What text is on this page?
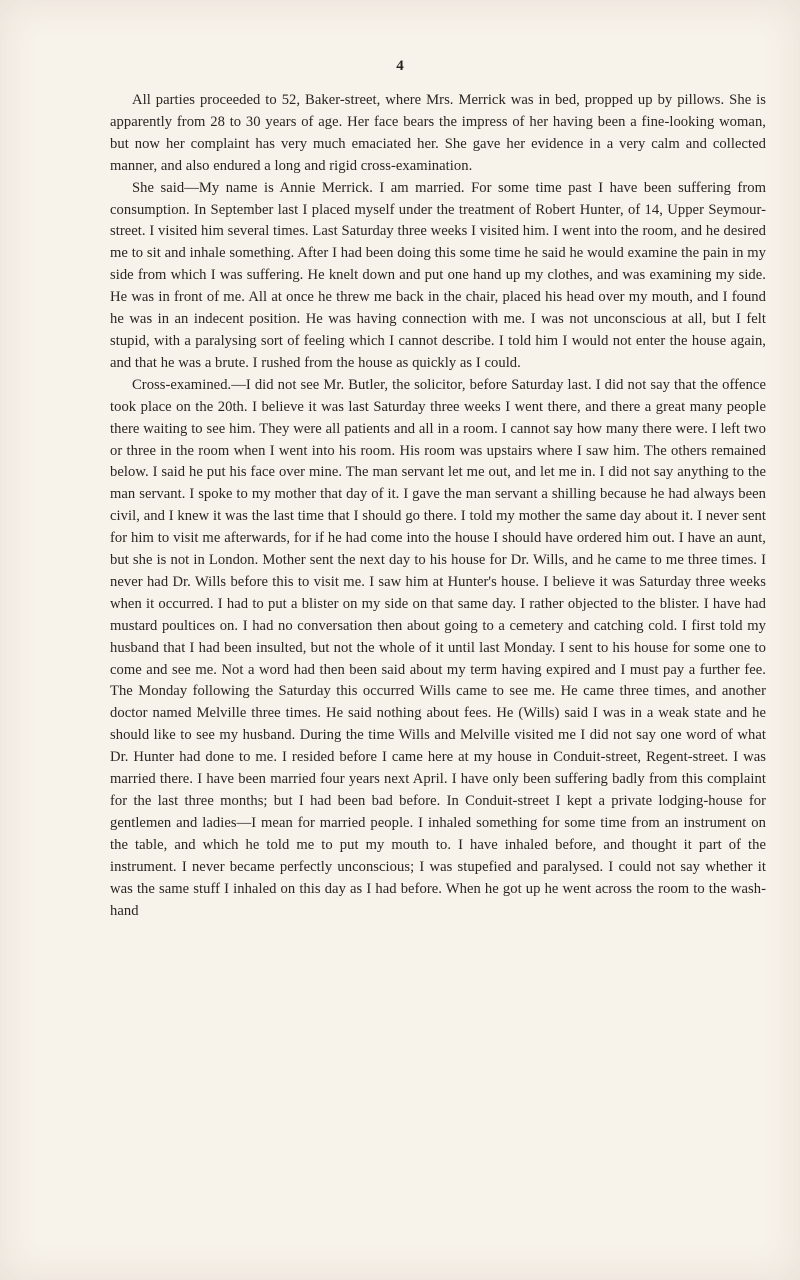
4

All parties proceeded to 52, Baker-street, where Mrs. Merrick was in bed, propped up by pillows. She is apparently from 28 to 30 years of age. Her face bears the impress of her having been a fine-looking woman, but now her complaint has very much emaciated her. She gave her evidence in a very calm and collected manner, and also endured a long and rigid cross-examination.

She said—My name is Annie Merrick. I am married. For some time past I have been suffering from consumption. In September last I placed myself under the treatment of Robert Hunter, of 14, Upper Seymour-street. I visited him several times. Last Saturday three weeks I visited him. I went into the room, and he desired me to sit and inhale something. After I had been doing this some time he said he would examine the pain in my side from which I was suffering. He knelt down and put one hand up my clothes, and was examining my side. He was in front of me. All at once he threw me back in the chair, placed his head over my mouth, and I found he was in an indecent position. He was having connection with me. I was not unconscious at all, but I felt stupid, with a paralysing sort of feeling which I cannot describe. I told him I would not enter the house again, and that he was a brute. I rushed from the house as quickly as I could.

Cross-examined.—I did not see Mr. Butler, the solicitor, before Saturday last. I did not say that the offence took place on the 20th. I believe it was last Saturday three weeks I went there, and there a great many people there waiting to see him. They were all patients and all in a room. I cannot say how many there were. I left two or three in the room when I went into his room. His room was upstairs where I saw him. The others remained below. I said he put his face over mine. The man servant let me out, and let me in. I did not say anything to the man servant. I spoke to my mother that day of it. I gave the man servant a shilling because he had always been civil, and I knew it was the last time that I should go there. I told my mother the same day about it. I never sent for him to visit me afterwards, for if he had come into the house I should have ordered him out. I have an aunt, but she is not in London. Mother sent the next day to his house for Dr. Wills, and he came to me three times. I never had Dr. Wills before this to visit me. I saw him at Hunter's house. I believe it was Saturday three weeks when it occurred. I had to put a blister on my side on that same day. I rather objected to the blister. I have had mustard poultices on. I had no conversation then about going to a cemetery and catching cold. I first told my husband that I had been insulted, but not the whole of it until last Monday. I sent to his house for some one to come and see me. Not a word had then been said about my term having expired and I must pay a further fee. The Monday following the Saturday this occurred Wills came to see me. He came three times, and another doctor named Melville three times. He said nothing about fees. He (Wills) said I was in a weak state and he should like to see my husband. During the time Wills and Melville visited me I did not say one word of what Dr. Hunter had done to me. I resided before I came here at my house in Conduit-street, Regent-street. I was married there. I have been married four years next April. I have only been suffering badly from this complaint for the last three months; but I had been bad before. In Conduit-street I kept a private lodging-house for gentlemen and ladies—I mean for married people. I inhaled something for some time from an instrument on the table, and which he told me to put my mouth to. I have inhaled before, and thought it part of the instrument. I never became perfectly unconscious; I was stupefied and paralysed. I could not say whether it was the same stuff I inhaled on this day as I had before. When he got up he went across the room to the wash-hand
